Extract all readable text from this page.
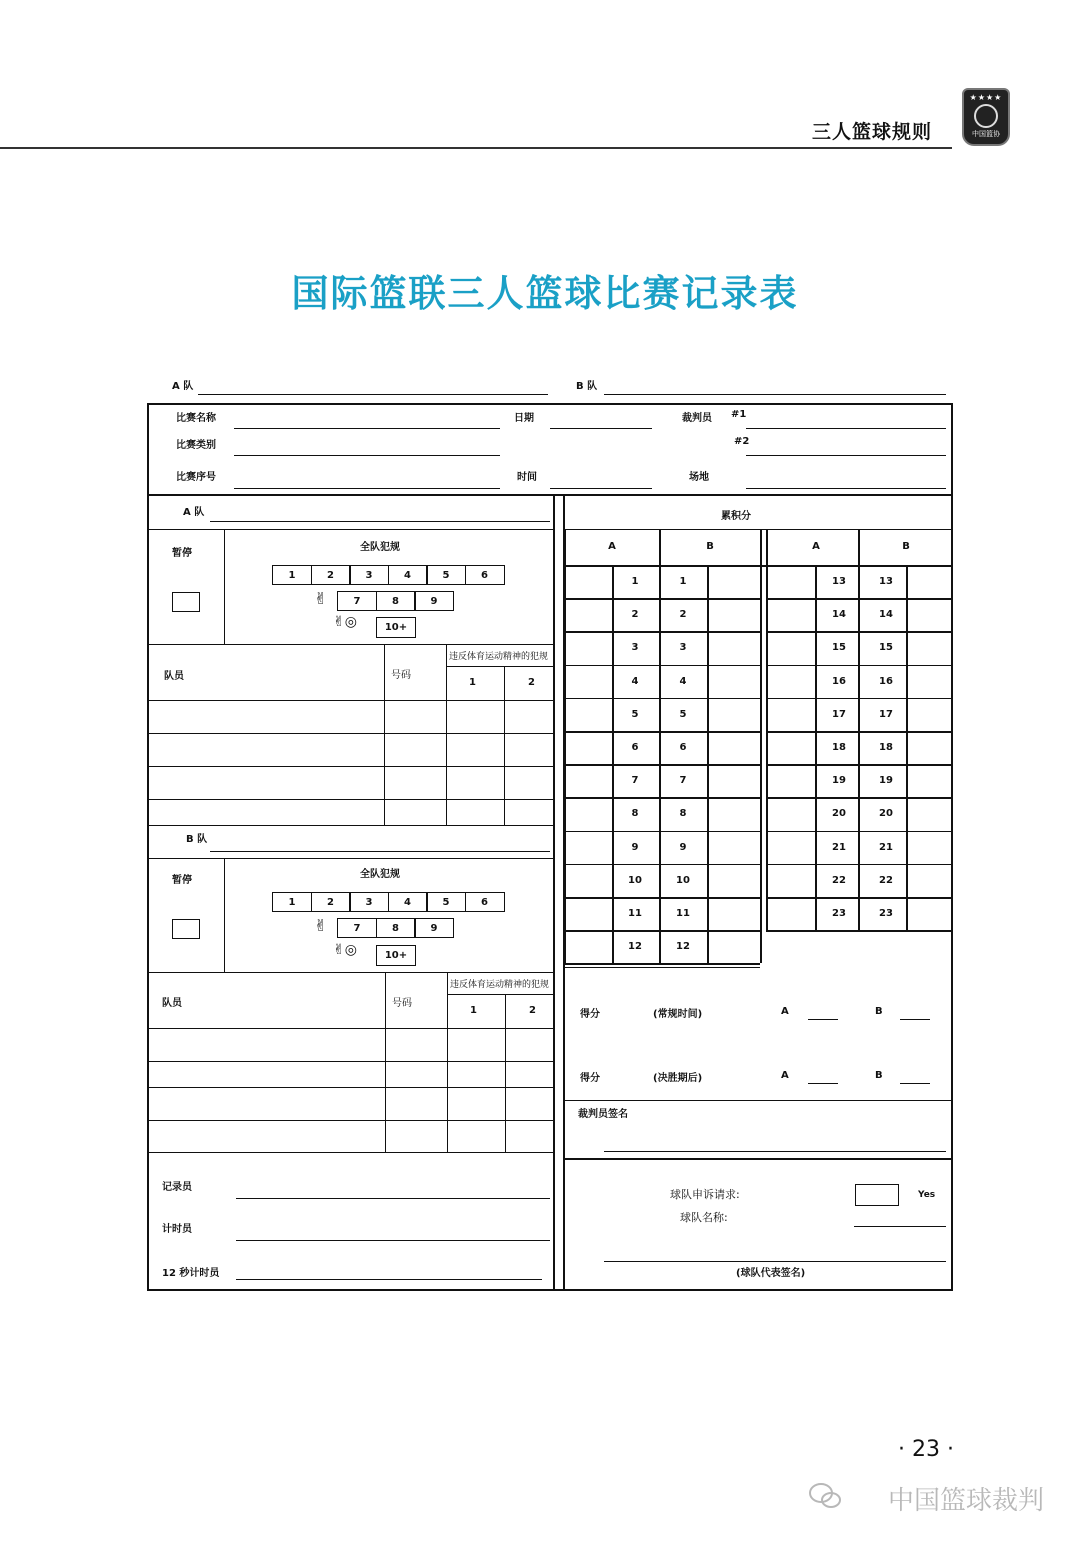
三人篮球规则
★★★★
中国篮协
国际篮联三人篮球比赛记录表
A 队	B 队
比赛名称
比赛类别
比赛序号
日期
时间
裁判员 #1
#2
场地
A 队
暂停
全队犯规
1	2	3	4	5	6
✌	7	8	9
✌◎	10+
队员	号码
违反体育运动精神的犯规
1	2
B 队
暂停
全队犯规
1	2	3	4	5	6
✌	7	8	9
✌◎	10+
队员	号码
违反体育运动精神的犯规
1	2
记录员
计时员
12 秒计时员
累积分
A	B	A	B
1	1
2	2
3	3
4	4
5	5
6	6
7	7
8	8
9	9
10	10
11	11
12	12
13	13
14	14
15	15
16	16
17	17
18	18
19	19
20	20
21	21
22	22
23	23
得分	(常规时间)	A	B
得分	(决胜期后)	A	B
裁判员签名
球队申诉请求:
球队名称:
Yes
(球队代表签名)
· 23 ·
中国篮球裁判
